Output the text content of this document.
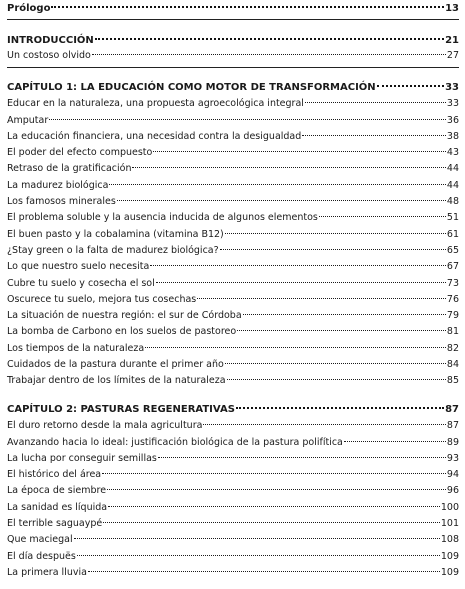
Prólogo	13
INTRODUCCIÓN	21
Un costoso olvido	27
CAPÍTULO 1: LA EDUCACIÓN COMO MOTOR DE TRANSFORMACIÓN	33
Educar en la naturaleza, una propuesta agroecológica integral	33
Amputar	36
La educación financiera, una necesidad contra la desigualdad	38
El poder del efecto compuesto	43
Retraso de la gratificación	44
La madurez biológica	44
Los famosos minerales	48
El problema soluble y la ausencia inducida de algunos elementos	51
El buen pasto y la cobalamina (vitamina B12)	61
¿Stay green o la falta de madurez biológica?	65
Lo que nuestro suelo necesita	67
Cubre tu suelo y cosecha el sol	73
Oscurece tu suelo, mejora tus cosechas	76
La situación de nuestra región: el sur de Córdoba	79
La bomba de Carbono en los suelos de pastoreo	81
Los tiempos de la naturaleza	82
Cuidados de la pastura durante el primer año	84
Trabajar dentro de los límites de la naturaleza	85
CAPÍTULO 2: PASTURAS REGENERATIVAS	87
El duro retorno desde la mala agricultura	87
Avanzando hacia lo ideal: justificación biológica de la pastura polifítica	89
La lucha por conseguir semillas	93
El histórico del área	94
La época de siembre	96
La sanidad es líquida	100
El terrible saguaypé	101
Que maciegal	108
El día despuës	109
La primera lluvia	109
